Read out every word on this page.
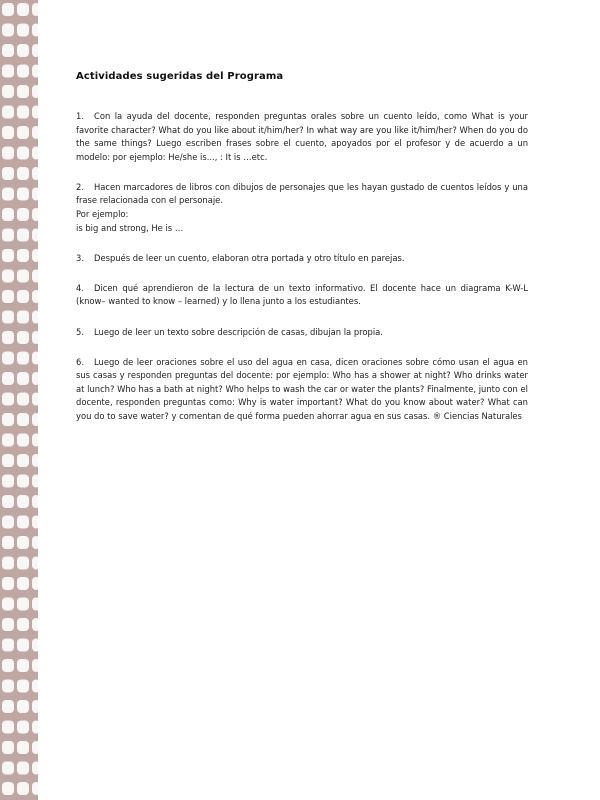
Actividades sugeridas del Programa
1. Con la ayuda del docente, responden preguntas orales sobre un cuento leído, como What is your favorite character? What do you like about it/him/her? In what way are you like it/him/her? When do you do the same things? Luego escriben frases sobre el cuento, apoyados por el profesor y de acuerdo a un modelo: por ejemplo: He/she is..., : It is …etc.
2. Hacen marcadores de libros con dibujos de personajes que les hayan gustado de cuentos leídos y una frase relacionada con el personaje.
Por ejemplo:
is big and strong, He is …
3. Después de leer un cuento, elaboran otra portada y otro título en parejas.
4. Dicen qué aprendieron de la lectura de un texto informativo. El docente hace un diagrama K-W-L (know– wanted to know – learned) y lo llena junto a los estudiantes.
5. Luego de leer un texto sobre descripción de casas, dibujan la propia.
6. Luego de leer oraciones sobre el uso del agua en casa, dicen oraciones sobre cómo usan el agua en sus casas y responden preguntas del docente: por ejemplo: Who has a shower at night? Who drinks water at lunch? Who has a bath at night? Who helps to wash the car or water the plants? Finalmente, junto con el docente, responden preguntas como: Why is water important? What do you know about water? What can you do to save water? y comentan de qué forma pueden ahorrar agua en sus casas. ® Ciencias Naturales
